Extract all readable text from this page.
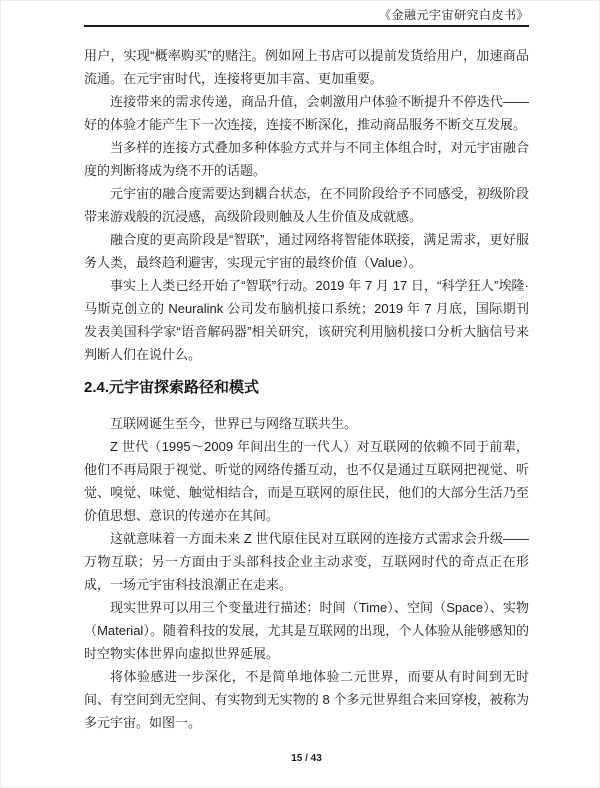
《金融元宇宙研究白皮书》

用户，实现“概率购买”的赌注。例如网上书店可以提前发货给用户，加速商品流通。在元宇宙时代，连接将更加丰富、更加重要。

连接带来的需求传递，商品升值，会刺激用户体验不断提升不停迭代——好的体验才能产生下一次连接，连接不断深化，推动商品服务不断交互发展。

当多样的连接方式叠加多种体验方式并与不同主体组合时，对元宇宙融合度的判断将成为绕不开的话题。

元宇宙的融合度需要达到耦合状态，在不同阶段给予不同感受，初级阶段带来游戏般的沉浸感，高级阶段则触及人生价值及成就感。

融合度的更高阶段是“智联”，通过网络将智能体联接，满足需求，更好服务人类，最终趋利避害，实现元宇宙的最终价值（Value）。

事实上人类已经开始了“智联”行动。2019 年 7 月 17 日，“科学狂人”埃隆·马斯克创立的 Neuralink 公司发布脑机接口系统；2019 年 7 月底，国际期刊发表美国科学家“语音解码器”相关研究，该研究利用脑机接口分析大脑信号来判断人们在说什么。

2.4.元宇宙探索路径和模式

互联网诞生至今，世界已与网络互联共生。

Z 世代（1995～2009 年间出生的一代人）对互联网的依赖不同于前辈，他们不再局限于视觉、听觉的网络传播互动，也不仅是通过互联网把视觉、听觉、嗅觉、味觉、触觉相结合，而是互联网的原住民，他们的大部分生活乃至价值思想、意识的传递亦在其间。

这就意味着一方面未来 Z 世代原住民对互联网的连接方式需求会升级——万物互联；另一方面由于头部科技企业主动求变，互联网时代的奇点正在形成，一场元宇宙科技浪潮正在走来。

现实世界可以用三个变量进行描述：时间（Time）、空间（Space）、实物（Material）。随着科技的发展，尤其是互联网的出现，个人体验从能够感知的时空物实体世界向虚拟世界延展。

将体验感进一步深化，不是简单地体验二元世界，而要从有时间到无时间、有空间到无空间、有实物到无实物的 8 个多元世界组合来回穿梭，被称为多元宇宙。如图一。

15 / 43
